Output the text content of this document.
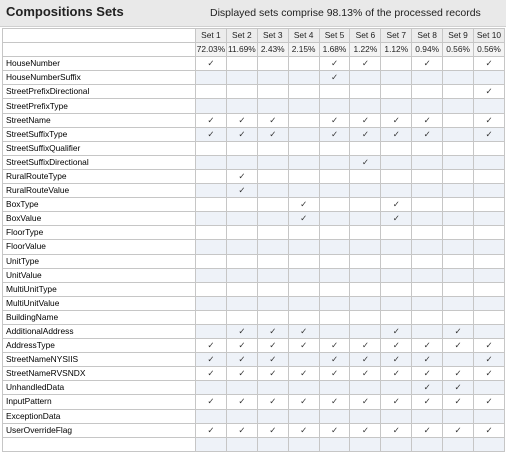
Compositions Sets	Displayed sets comprise 98.13% of the processed records
	Set 1	Set 2	Set 3	Set 4	Set 5	Set 6	Set 7	Set 8	Set 9	Set 10
	72.03%	11.69%	2.43%	2.15%	1.68%	1.22%	1.12%	0.94%	0.56%	0.56%
HouseNumber	✓				✓	✓		✓		✓
HouseNumberSuffix					✓					
StreetPrefixDirectional										✓
StreetPrefixType										
StreetName	✓	✓	✓		✓	✓	✓	✓		✓
StreetSuffixType	✓	✓	✓		✓	✓	✓	✓		✓
StreetSuffixQualifier										
StreetSuffixDirectional						✓				
RuralRouteType		✓								
RuralRouteValue		✓								
BoxType				✓			✓			
BoxValue				✓			✓			
FloorType										
FloorValue										
UnitType										
UnitValue										
MultiUnitType										
MultiUnitValue										
BuildingName										
AdditionalAddress		✓	✓	✓			✓		✓	
AddressType	✓	✓	✓	✓	✓	✓	✓	✓	✓	✓
StreetNameNYSIIS	✓	✓	✓		✓	✓	✓	✓		✓
StreetNameRVSNDX	✓	✓	✓	✓	✓	✓	✓	✓	✓	✓
UnhandledData								✓	✓	
InputPattern	✓	✓	✓	✓	✓	✓	✓	✓	✓	✓
ExceptionData										
UserOverrideFlag	✓	✓	✓	✓	✓	✓	✓	✓	✓	✓
